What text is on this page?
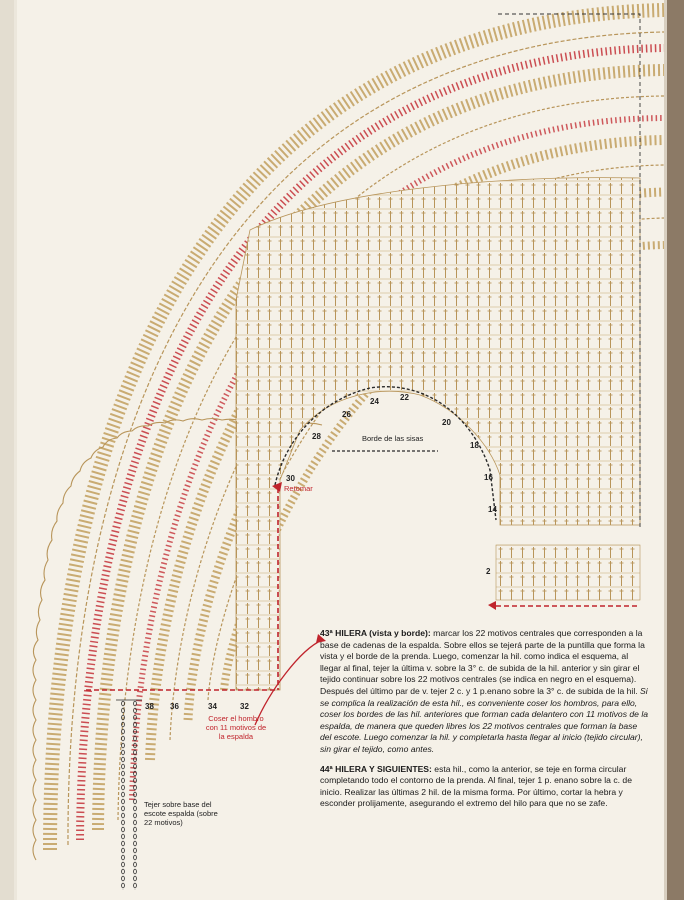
22
20
18
16
14
2
24
26
28
30
38 36	34	32
Borde de las sisas
Retomar
Coser el hombro con 11 motivos de la espalda
Tejer sobre base del escote espalda (sobre 22 motivos)

43ª HILERA (vista y borde): marcar los 22 motivos centrales que corresponden a la base de cadenas de la espalda. Sobre ellos se tejerá parte de la puntilla que forma la vista y el borde de la prenda. Luego, comenzar la hil. como indica el esquema, al llegar al final, tejer la última v. sobre la 3° c. de subida de la hil. anterior y sin girar el tejido continuar sobre los 22 motivos centrales (se indica en negro en el esquema). Después del último par de v. tejer 2 c. y 1 p.enano sobre la 3° c. de subida de la hil. Si se complica la realización de esta hil., es conveniente coser los hombros, para ello, coser los bordes de las hil. anteriores que forman cada delantero con 11 motivos de la espalda, de manera que queden libres los 22 motivos centrales que forman la base del escote. Luego comenzar la hil. y completarla hasta llegar al inicio (tejido circular), sin girar el tejido, como antes.

44ª HILERA Y SIGUIENTES: esta hil., como la anterior, se teje en forma circular completando todo el contorno de la prenda. Al final, tejer 1 p. enano sobre la c. de inicio. Realizar las últimas 2 hil. de la misma forma. Por último, cortar la hebra y esconder prolijamente, asegurando el extremo del hilo para que no se zafe.
